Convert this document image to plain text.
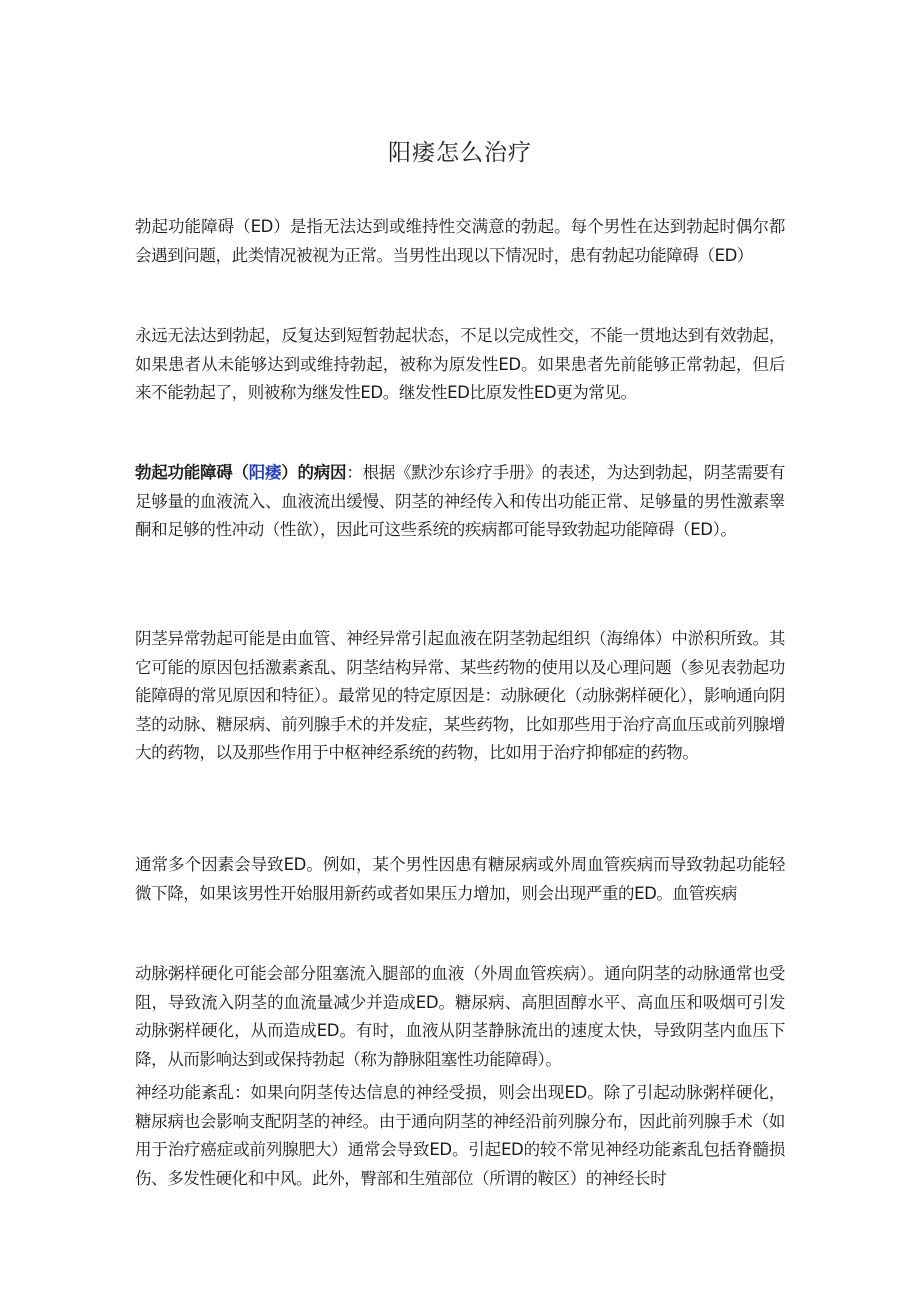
阳痿怎么治疗

勃起功能障碍（ED）是指无法达到或维持性交满意的勃起。每个男性在达到勃起时偶尔都会遇到问题，此类情况被视为正常。当男性出现以下情况时，患有勃起功能障碍（ED）

永远无法达到勃起，反复达到短暂勃起状态，不足以完成性交，不能一贯地达到有效勃起，如果患者从未能够达到或维持勃起，被称为原发性ED。如果患者先前能够正常勃起，但后来不能勃起了，则被称为继发性ED。继发性ED比原发性ED更为常见。

勃起功能障碍（阳痿）的病因：根据《默沙东诊疗手册》的表述，为达到勃起，阴茎需要有足够量的血液流入、血液流出缓慢、阴茎的神经传入和传出功能正常、足够量的男性激素睾酮和足够的性冲动（性欲），因此可这些系统的疾病都可能导致勃起功能障碍（ED）。

阴茎异常勃起可能是由血管、神经异常引起血液在阴茎勃起组织（海绵体）中淤积所致。其它可能的原因包括激素紊乱、阴茎结构异常、某些药物的使用以及心理问题（参见表勃起功能障碍的常见原因和特征）。最常见的特定原因是：动脉硬化（动脉粥样硬化），影响通向阴茎的动脉、糖尿病、前列腺手术的并发症，某些药物，比如那些用于治疗高血压或前列腺增大的药物，以及那些作用于中枢神经系统的药物，比如用于治疗抑郁症的药物。

通常多个因素会导致ED。例如，某个男性因患有糖尿病或外周血管疾病而导致勃起功能轻微下降，如果该男性开始服用新药或者如果压力增加，则会出现严重的ED。血管疾病

动脉粥样硬化可能会部分阻塞流入腿部的血液（外周血管疾病）。通向阴茎的动脉通常也受阻，导致流入阴茎的血流量减少并造成ED。糖尿病、高胆固醇水平、高血压和吸烟可引发动脉粥样硬化，从而造成ED。有时，血液从阴茎静脉流出的速度太快，导致阴茎内血压下降，从而影响达到或保持勃起（称为静脉阻塞性功能障碍）。

神经功能紊乱：如果向阴茎传达信息的神经受损，则会出现ED。除了引起动脉粥样硬化，糖尿病也会影响支配阴茎的神经。由于通向阴茎的神经沿前列腺分布，因此前列腺手术（如用于治疗癌症或前列腺肥大）通常会导致ED。引起ED的较不常见神经功能紊乱包括脊髓损伤、多发性硬化和中风。此外，臀部和生殖部位（所谓的鞍区）的神经长时
